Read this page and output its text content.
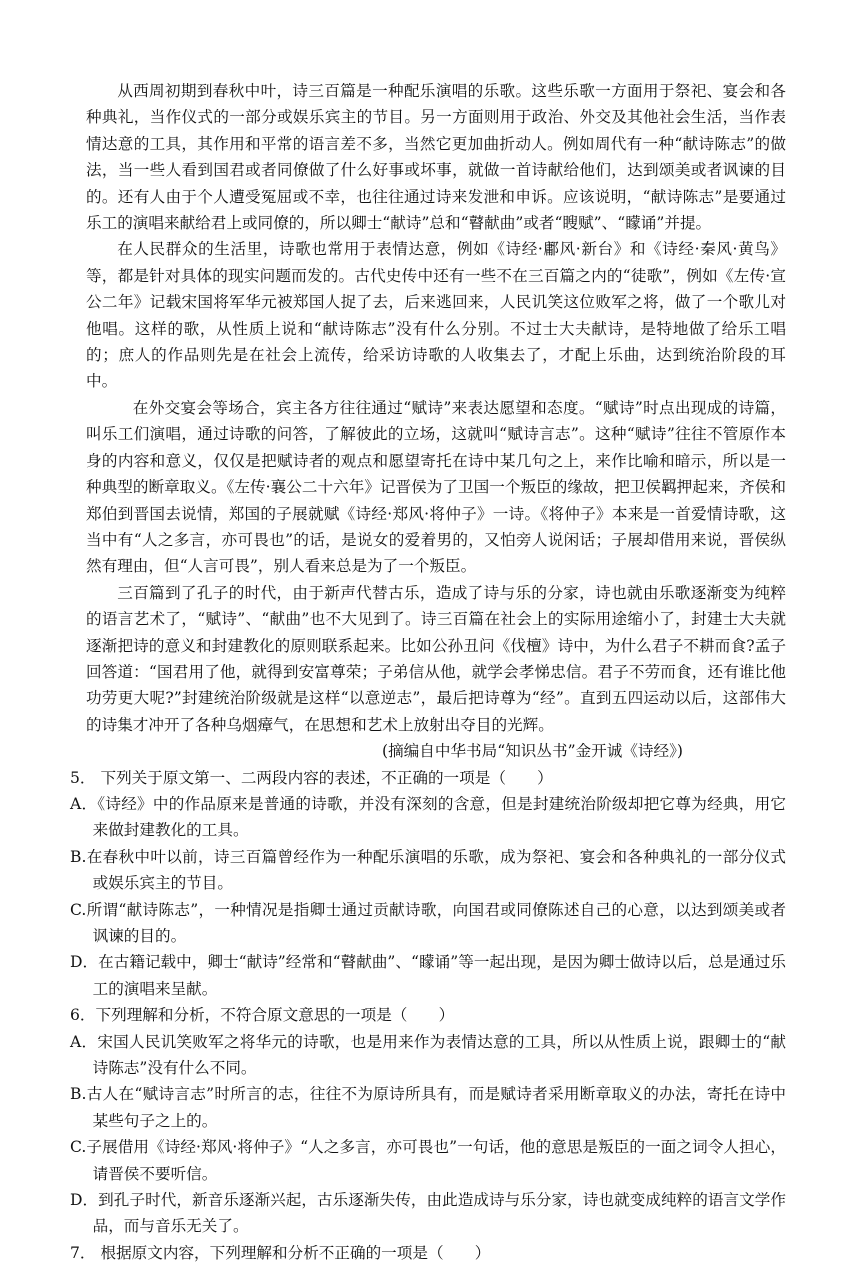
从西周初期到春秋中叶，诗三百篇是一种配乐演唱的乐歌。这些乐歌一方面用于祭祀、宴会和各种典礼，当作仪式的一部分或娱乐宾主的节目。另一方面则用于政治、外交及其他社会生活，当作表情达意的工具，其作用和平常的语言差不多，当然它更加曲折动人。例如周代有一种“献诗陈志”的做法，当一些人看到国君或者同僚做了什么好事或坏事，就做一首诗献给他们，达到颂美或者讽谏的目的。还有人由于个人遭受冤屈或不幸，也往往通过诗来发泄和申诉。应该说明，“献诗陈志”是要通过乐工的演唱来献给君上或同僚的，所以卿士“献诗”总和“瞽献曲”或者“瞍赋”、“矇诵”并提。

在人民群众的生活里，诗歌也常用于表情达意，例如《诗经·鄘风·新台》和《诗经·秦风·黄鸟》等，都是针对具体的现实问题而发的。古代史传中还有一些不在三百篇之内的“徒歌”，例如《左传·宣公二年》记载宋国将军华元被郑国人捉了去，后来逃回来，人民讥笑这位败军之将，做了一个歌儿对他唱。这样的歌，从性质上说和“献诗陈志”没有什么分别。不过士大夫献诗，是特地做了给乐工唱的；庶人的作品则先是在社会上流传，给采访诗歌的人收集去了，才配上乐曲，达到统治阶段的耳中。

在外交宴会等场合，宾主各方往往通过“赋诗”来表达愿望和态度。“赋诗”时点出现成的诗篇，叫乐工们演唱，通过诗歌的问答，了解彼此的立场，这就叫“赋诗言志”。这种“赋诗”往往不管原作本身的内容和意义，仅仅是把赋诗者的观点和愿望寄托在诗中某几句之上，来作比喻和暗示，所以是一种典型的断章取义。《左传·襄公二十六年》记晋侯为了卫国一个叛臣的缘故，把卫侯羁押起来，齐侯和郑伯到晋国去说情，郑国的子展就赋《诗经·郑风·将仲子》一诗。《将仲子》本来是一首爱情诗歌，这当中有“人之多言，亦可畏也”的话，是说女的爱着男的，又怕旁人说闲话；子展却借用来说，晋侯纵然有理由，但“人言可畏”，别人看来总是为了一个叛臣。

三百篇到了孔子的时代，由于新声代替古乐，造成了诗与乐的分家，诗也就由乐歌逐渐变为纯粹的语言艺术了，“赋诗”、“献曲”也不大见到了。诗三百篇在社会上的实际用途缩小了，封建士大夫就逐渐把诗的意义和封建教化的原则联系起来。比如公孙丑问《伐檀》诗中，为什么君子不耕而食?孟子回答道：“国君用了他，就得到安富尊荣；子弟信从他，就学会孝悌忠信。君子不劳而食，还有谁比他功劳更大呢?”封建统治阶级就是这样“以意逆志”，最后把诗尊为“经”。直到五四运动以后，这部伟大的诗集才冲开了各种乌烟瘴气，在思想和艺术上放射出夺目的光辉。

(摘编自中华书局“知识丛书”金开诚《诗经》)

5． 下列关于原文第一、二两段内容的表述，不正确的一项是（　　）

A．《诗经》中的作品原来是普通的诗歌，并没有深刻的含意，但是封建统治阶级却把它尊为经典，用它来做封建教化的工具。

B.在春秋中叶以前，诗三百篇曾经作为一种配乐演唱的乐歌，成为祭祀、宴会和各种典礼的一部分仪式或娱乐宾主的节目。

C.所谓“献诗陈志”，一种情况是指卿士通过贡献诗歌，向国君或同僚陈述自己的心意，以达到颂美或者讽谏的目的。

D．在古籍记载中，卿士“献诗”经常和“瞽献曲”、“矇诵”等一起出现，是因为卿士做诗以后，总是通过乐工的演唱来呈献。

6．下列理解和分析，不符合原文意思的一项是（　　）

A．宋国人民讥笑败军之将华元的诗歌，也是用来作为表情达意的工具，所以从性质上说，跟卿士的“献诗陈志”没有什么不同。

B.古人在“赋诗言志”时所言的志，往往不为原诗所具有，而是赋诗者采用断章取义的办法，寄托在诗中某些句子之上的。

C.子展借用《诗经·郑风·将仲子》“人之多言，亦可畏也”一句话，他的意思是叛臣的一面之词令人担心，请晋侯不要听信。

D．到孔子时代，新音乐逐渐兴起，古乐逐渐失传，由此造成诗与乐分家，诗也就变成纯粹的语言文学作品，而与音乐无关了。

7． 根据原文内容，下列理解和分析不正确的一项是（　　）
